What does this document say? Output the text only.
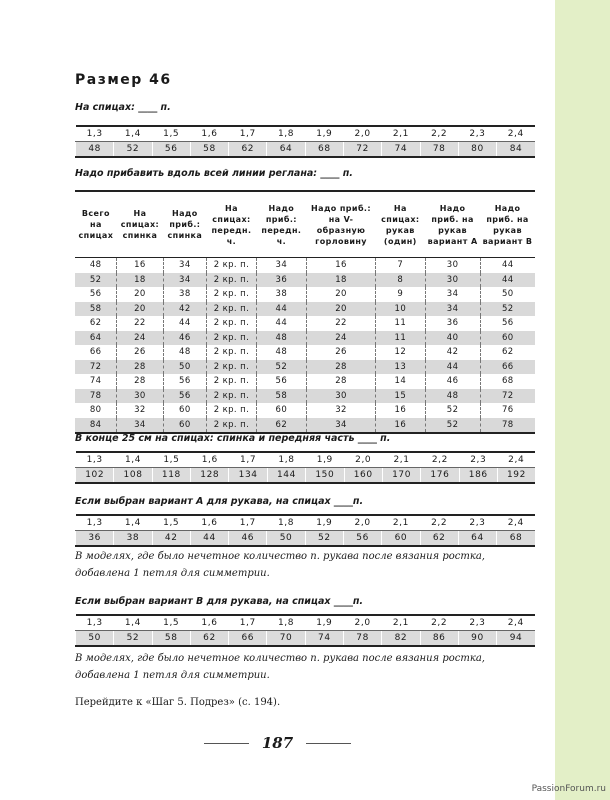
Размер 46
На спицах: ____ п.
1,3	1,4	1,5	1,6	1,7	1,8	1,9	2,0	2,1	2,2	2,3	2,4
48	52	56	58	62	64	68	72	74	78	80	84
Надо прибавить вдоль всей линии реглана: ____ п.
Всего на спицах	На спицах: спинка	Надо приб.: спинка	На спицах: передн. ч.	Надо приб.: передн. ч.	Надо приб.: на V-образную горловину	На спицах: рукав (один)	Надо приб. на рукав вариант А	Надо приб. на рукав вариант В
48	16	34	2 кр. п.	34	16	7	30	44
52	18	34	2 кр. п.	36	18	8	30	44
56	20	38	2 кр. п.	38	20	9	34	50
58	20	42	2 кр. п.	44	20	10	34	52
62	22	44	2 кр. п.	44	22	11	36	56
64	24	46	2 кр. п.	48	24	11	40	60
66	26	48	2 кр. п.	48	26	12	42	62
72	28	50	2 кр. п.	52	28	13	44	66
74	28	56	2 кр. п.	56	28	14	46	68
78	30	56	2 кр. п.	58	30	15	48	72
80	32	60	2 кр. п.	60	32	16	52	76
84	34	60	2 кр. п.	62	34	16	52	78
В конце 25 см на спицах: спинка и передняя часть ____ п.
1,3	1,4	1,5	1,6	1,7	1,8	1,9	2,0	2,1	2,2	2,3	2,4
102	108	118	128	134	144	150	160	170	176	186	192
Если выбран вариант А для рукава, на спицах ____п.
1,3	1,4	1,5	1,6	1,7	1,8	1,9	2,0	2,1	2,2	2,3	2,4
36	38	42	44	46	50	52	56	60	62	64	68
В моделях, где было нечетное количество п. рукава после вязания ростка, добавлена 1 петля для симметрии.
Если выбран вариант В для рукава, на спицах ____п.
1,3	1,4	1,5	1,6	1,7	1,8	1,9	2,0	2,1	2,2	2,3	2,4
50	52	58	62	66	70	74	78	82	86	90	94
В моделях, где было нечетное количество п. рукава после вязания ростка, добавлена 1 петля для симметрии.
Перейдите к «Шаг 5. Подрез» (с. 194).
187
PassionForum.ru
